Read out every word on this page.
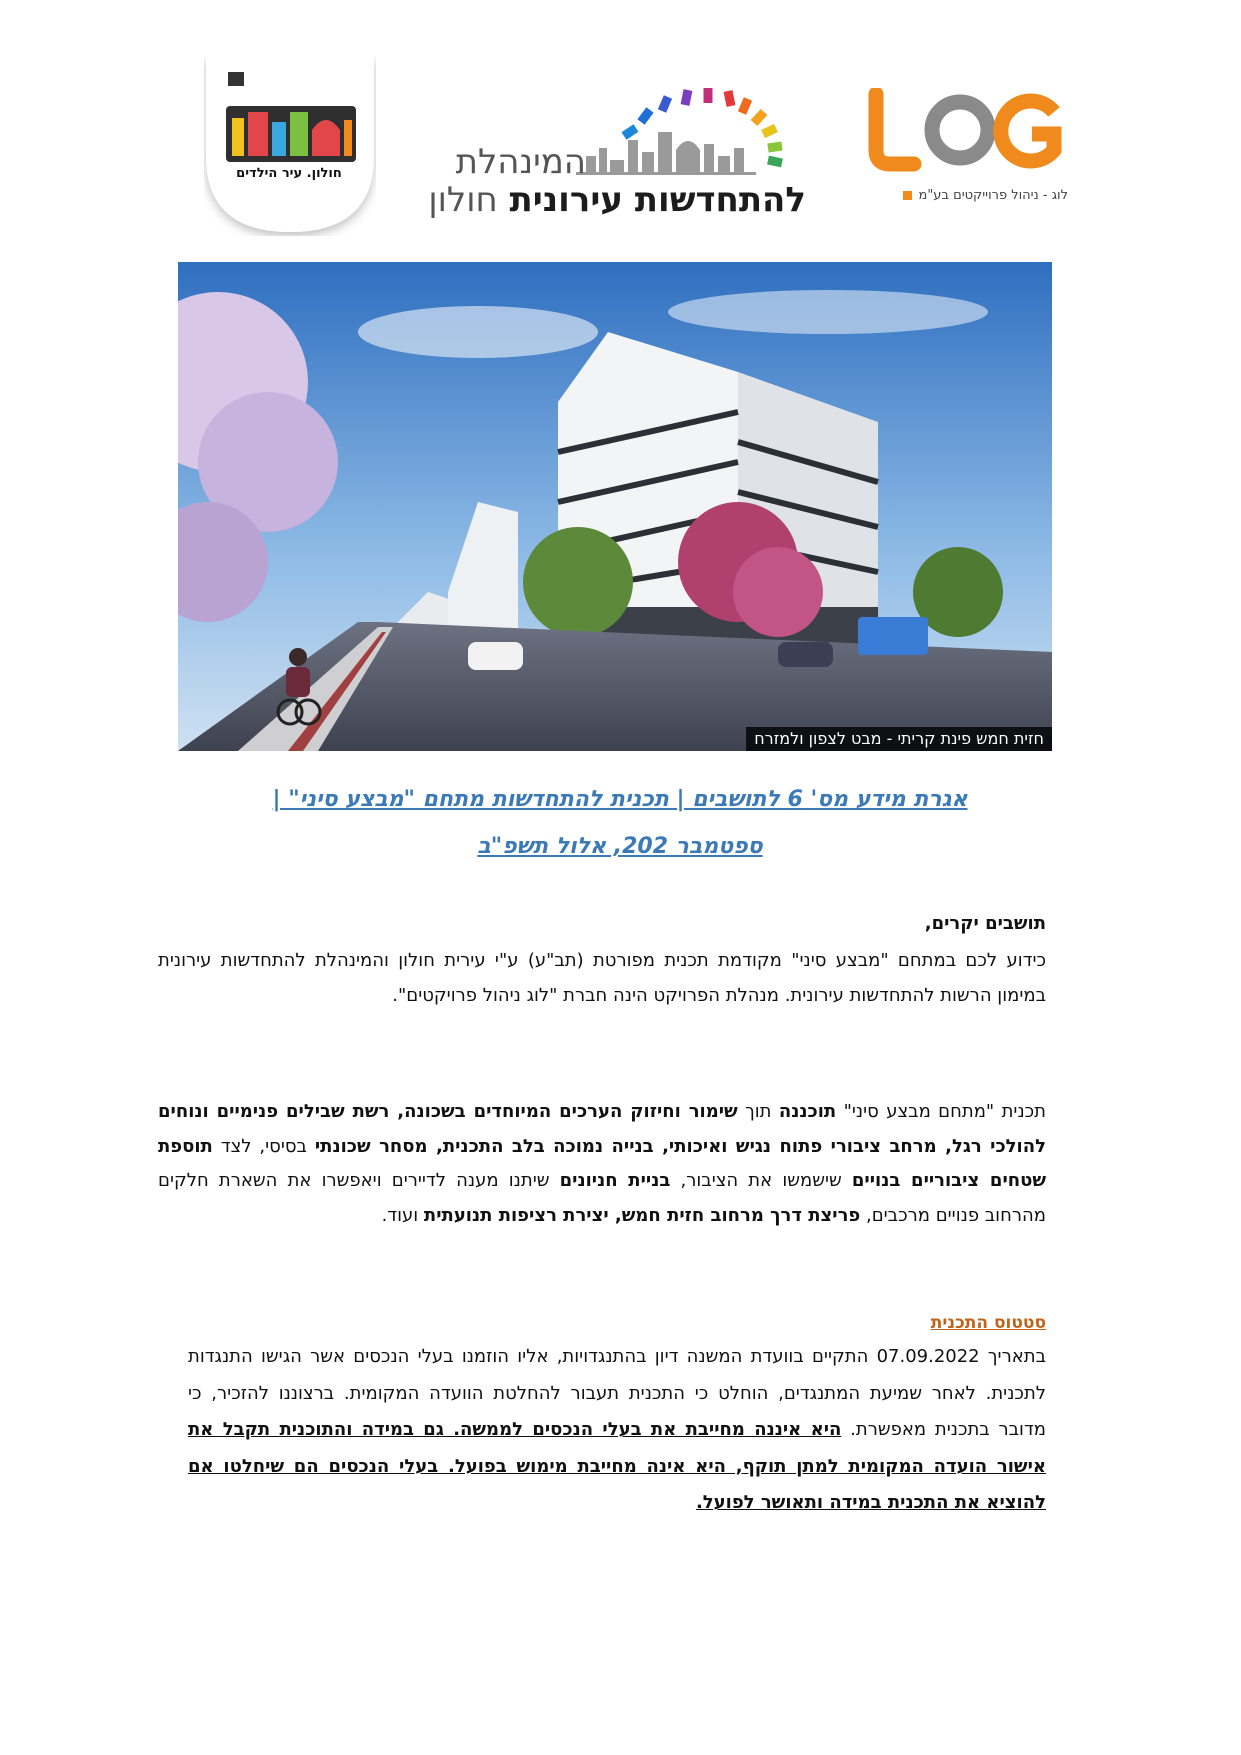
לוג - ניהול פרוייקטים בע"מ
המינהלת
להתחדשות עירונית חולון
חולון. עיר הילדים
חזית חמש פינת קריתי - מבט לצפון ולמזרח
אגרת מידע מס' 6 לתושבים | תכנית להתחדשות מתחם "מבצע סיני" |
ספטמבר 202, אלול תשפ"ב
תושבים יקרים,
כידוע לכם במתחם "מבצע סיני" מקודמת תכנית מפורטת (תב"ע) ע"י עירית חולון והמינהלת להתחדשות עירונית במימון הרשות להתחדשות עירונית. מנהלת הפרויקט הינה חברת "לוג ניהול פרויקטים".
תכנית "מתחם מבצע סיני" תוכננה תוך שימור וחיזוק הערכים המיוחדים בשכונה, רשת שבילים פנימיים ונוחים להולכי רגל, מרחב ציבורי פתוח נגיש ואיכותי, בנייה נמוכה בלב התכנית, מסחר שכונתי בסיסי, לצד תוספת שטחים ציבוריים בנויים שישמשו את הציבור, בניית חניונים שיתנו מענה לדיירים ויאפשרו את השארת חלקים מהרחוב פנויים מרכבים, פריצת דרך מרחוב חזית חמש, יצירת רציפות תנועתית ועוד.
סטטוס התכנית
בתאריך 07.09.2022 התקיים בוועדת המשנה דיון בהתנגדויות, אליו הוזמנו בעלי הנכסים אשר הגישו התנגדות לתכנית. לאחר שמיעת המתנגדים, הוחלט כי התכנית תעבור להחלטת הוועדה המקומית. ברצוננו להזכיר, כי מדובר בתכנית מאפשרת. היא איננה מחייבת את בעלי הנכסים לממשה. גם במידה והתוכנית תקבל את אישור הועדה המקומית למתן תוקף, היא אינה מחייבת מימוש בפועל. בעלי הנכסים הם שיחלטו אם להוציא את התכנית במידה ותאושר לפועל.
